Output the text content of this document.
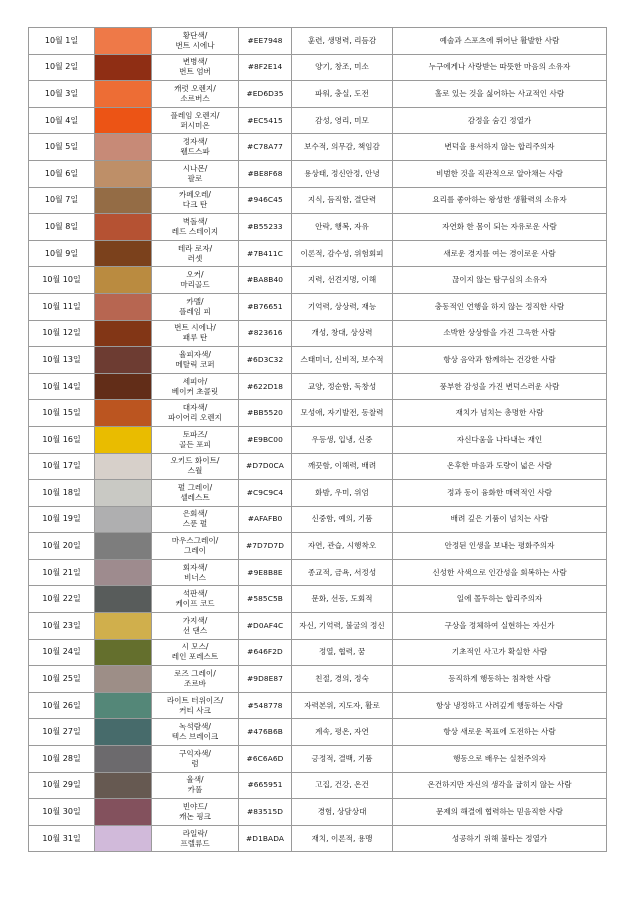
10월 1일		황단색/
번트 시에나	#EE7948	훈련, 생명력, 리듬감	예술과 스포츠에 뛰어난 활발한 사람
10월 2일		변병색/
번트 엄버	#8F2E14	양기, 창조, 미소	누구에게나 사랑받는 따뜻한 마음의 소유자
10월 3일		캐럿 오렌지/
소르버스	#ED6D35	파워, 충실, 도전	홀로 있는 것을 싫어하는 사교적인 사람
10월 4일		플레임 오렌지/
퍼시미온	#EC5415	감성, 영리, 미모	감정을 숨긴 정열가
10월 5일		정자색/
웰드스파	#C78A77	보수적, 의무감, 책임감	변덕을 용서하지 않는 합리주의자
10월 6일		시나몬/
팔로	#BE8F68	용상태, 정신안정, 안녕	비범한 것을 직관적으로 알아채는 사람
10월 7일		카페오레/
다크 탄	#946C45	지식, 듬직함, 결단력	요리를 좋아하는 왕성한 생활력의 소유자
10월 8일		벽돌색/
레드 스테이지	#B55233	안락, 행복, 자유	자연화 한 몸이 되는 자유로운 사람
10월 9일		테라 로자/
러셋	#7B411C	이론적, 감수성, 위험회피	새로운 경지를 여는 경이로운 사람
10월 10일		오커/
마리골드	#BA8B40	지력, 선견지명, 이해	끊이지 않는 탐구심의 소유자
10월 11일		카멜/
플레임 피	#B76651	기억력, 상상력, 재능	충동적인 언행을 하지 않는 정직한 사람
10월 12일		번트 시에나/
패루 탄	#823616	개성, 창대, 상상력	소박한 상상함을 가진 그윽한 사람
10월 13일		율피자색/
메탈릭 코퍼	#6D3C32	스태미너, 신비적, 보수적	항상 음악과 함께하는 건강한 사람
10월 14일		세피아/
베이커 초콜릿	#622D18	교양, 정순함, 독창성	풍부한 감성을 가진 변덕스러운 사람
10월 15일		대자색/
파이어리 오렌지	#BB5520	모성애, 자기발전, 동찰력	재치가 넘치는 총명한 사람
10월 16일		토파즈/
골든 포피	#E9BC00	우등생, 입냉, 신중	자신다움을 나타내는 재인
10월 17일		오키드 화이트/
스월	#D7D0CA	깨끗함, 이해력, 배려	온후한 마음과 도량이 넓은 사람
10월 18일		펄 그레이/
셀레스트	#C9C9C4	화밤, 우미, 위엄	정과 동이 융화한 매력적인 사람
10월 19일		은회색/
스푼 펄	#AFAFB0	신중함, 예의, 기품	배려 깊은 기품이 넘치는 사람
10월 20일		마우스그레이/
그레이	#7D7D7D	자연, 관습, 시행착오	안정된 인생을 보내는 평화주의자
10월 21일		회자색/
비너스	#9E8B8E	종교적, 금욕, 서정성	신성한 사색으로 인간성을 회복하는 사람
10월 22일		석판색/
케이프 코드	#585C5B	문화, 선동, 도회적	일에 몰두하는 합리주의자
10월 23일		가지색/
선 댄스	#D0AF4C	자신, 기억력, 불굴의 정신	구상을 정체하여 실현하는 자신가
10월 24일		시 모스/
레인 포레스트	#646F2D	정열, 협력, 꿈	기초적인 사고가 확실한 사람
10월 25일		로즈 그레이/
조르바	#9D8E87	친절, 경의, 정숙	등직하게 행동하는 침착한 사람
10월 26일		라이트 터위이즈/
커티 사크	#548778	자력본위, 지도자, 활로	항상 냉정하고 사려깊게 행동하는 사람
10월 27일		녹석람색/
텍스 브레이크	#476B6B	계속, 평온, 자연	항상 새로운 목표에 도전하는 사람
10월 28일		구익자색/
럼	#6C6A6D	긍정적, 결백, 기품	행동으로 배우는 실천주의자
10월 29일		율색/
카풀	#665951	고집, 건강, 온건	온건하지만 자신의 생각을 굽히지 않는 사람
10월 30일		빈야드/
캐논 핑크	#83515D	경험, 상담상대	문제의 해결에 협력하는 믿음직한 사람
10월 31일		라일락/
프렐류드	#D1BADA	재치, 이론적, 용맹	성공하기 위해 불타는 정열가
